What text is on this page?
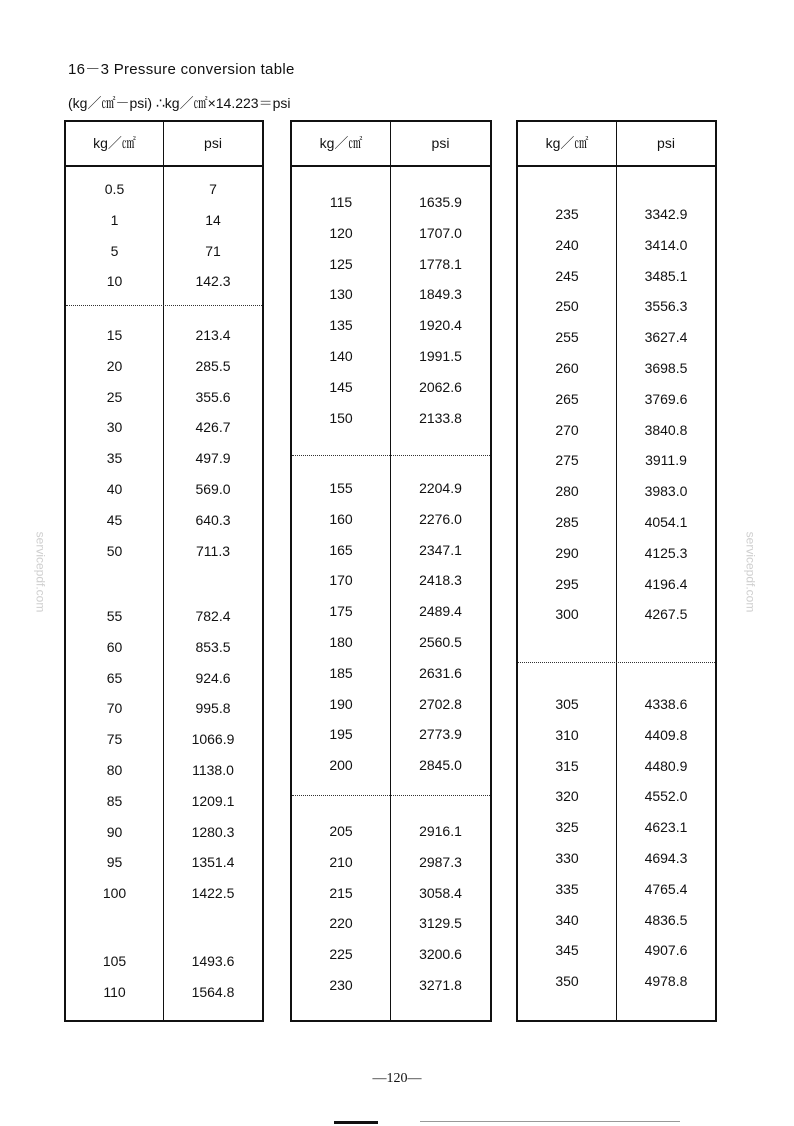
16－3 Pressure conversion table
(kg／㎠－psi) ∴kg／㎠×14.223＝psi
kg／㎠	psi
0.5	7
1	14
5	71
10	142.3
15	213.4
20	285.5
25	355.6
30	426.7
35	497.9
40	569.0
45	640.3
50	711.3
55	782.4
60	853.5
65	924.6
70	995.8
75	1066.9
80	1138.0
85	1209.1
90	1280.3
95	1351.4
100	1422.5
105	1493.6
110	1564.8
kg／㎠	psi
115	1635.9
120	1707.0
125	1778.1
130	1849.3
135	1920.4
140	1991.5
145	2062.6
150	2133.8
155	2204.9
160	2276.0
165	2347.1
170	2418.3
175	2489.4
180	2560.5
185	2631.6
190	2702.8
195	2773.9
200	2845.0
205	2916.1
210	2987.3
215	3058.4
220	3129.5
225	3200.6
230	3271.8
kg／㎠	psi
235	3342.9
240	3414.0
245	3485.1
250	3556.3
255	3627.4
260	3698.5
265	3769.6
270	3840.8
275	3911.9
280	3983.0
285	4054.1
290	4125.3
295	4196.4
300	4267.5
305	4338.6
310	4409.8
315	4480.9
320	4552.0
325	4623.1
330	4694.3
335	4765.4
340	4836.5
345	4907.6
350	4978.8
servicepdf.com	servicepdf.com
—120—
